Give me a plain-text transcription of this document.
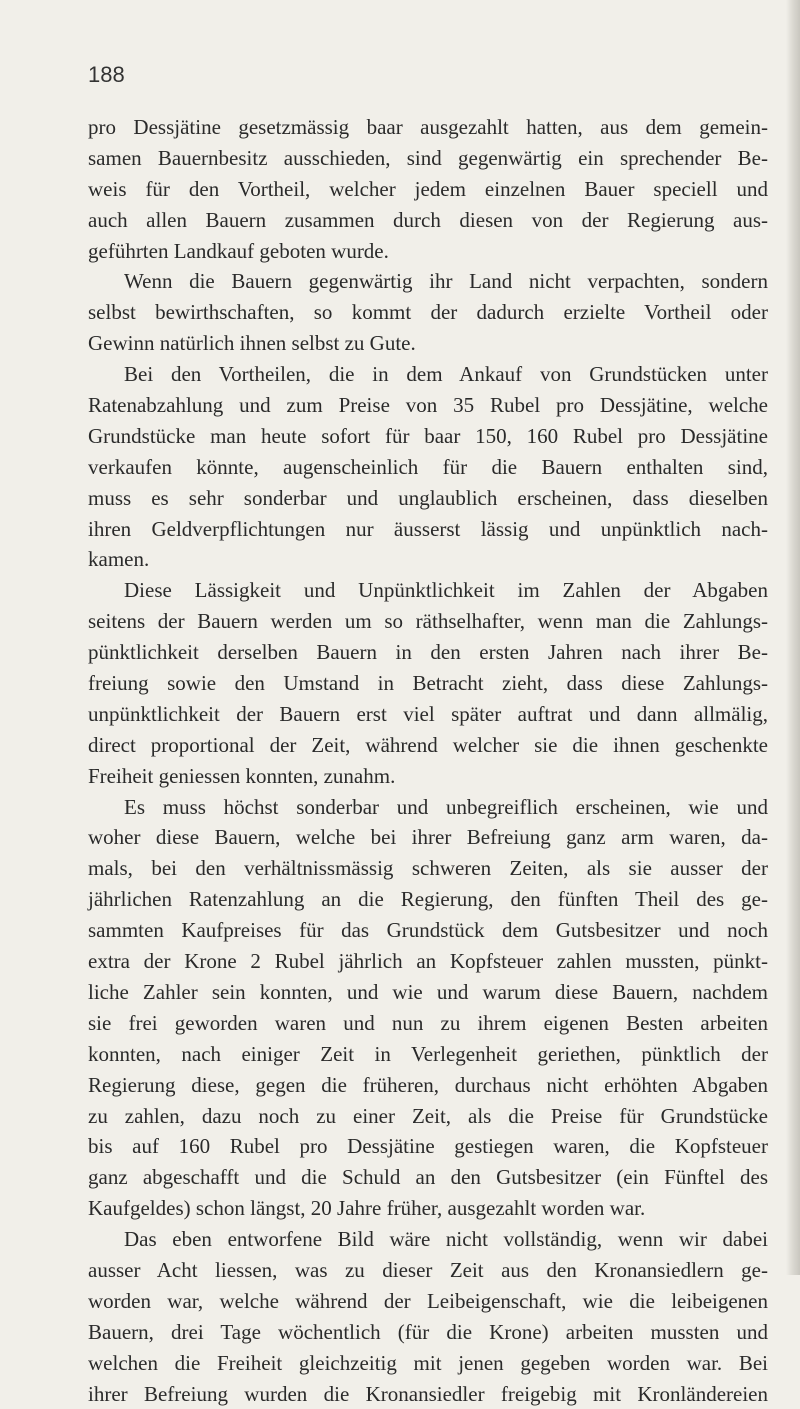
188
pro Dessjätine gesetzmässig baar ausgezahlt hatten, aus dem gemein-
samen Bauernbesitz ausschieden, sind gegenwärtig ein sprechender Be-
weis für den Vortheil, welcher jedem einzelnen Bauer speciell und
auch allen Bauern zusammen durch diesen von der Regierung aus-
geführten Landkauf geboten wurde.
Wenn die Bauern gegenwärtig ihr Land nicht verpachten, sondern
selbst bewirthschaften, so kommt der dadurch erzielte Vortheil oder
Gewinn natürlich ihnen selbst zu Gute.
Bei den Vortheilen, die in dem Ankauf von Grundstücken unter
Ratenabzahlung und zum Preise von 35 Rubel pro Dessjätine, welche
Grundstücke man heute sofort für baar 150, 160 Rubel pro Dessjätine
verkaufen könnte, augenscheinlich für die Bauern enthalten sind,
muss es sehr sonderbar und unglaublich erscheinen, dass dieselben
ihren Geldverpflichtungen nur äusserst lässig und unpünktlich nach-
kamen.
Diese Lässigkeit und Unpünktlichkeit im Zahlen der Abgaben
seitens der Bauern werden um so räthselhafter, wenn man die Zahlungs-
pünktlichkeit derselben Bauern in den ersten Jahren nach ihrer Be-
freiung sowie den Umstand in Betracht zieht, dass diese Zahlungs-
unpünktlichkeit der Bauern erst viel später auftrat und dann allmälig,
direct proportional der Zeit, während welcher sie die ihnen geschenkte
Freiheit geniessen konnten, zunahm.
Es muss höchst sonderbar und unbegreiflich erscheinen, wie und
woher diese Bauern, welche bei ihrer Befreiung ganz arm waren, da-
mals, bei den verhältnissmässig schweren Zeiten, als sie ausser der
jährlichen Ratenzahlung an die Regierung, den fünften Theil des ge-
sammten Kaufpreises für das Grundstück dem Gutsbesitzer und noch
extra der Krone 2 Rubel jährlich an Kopfsteuer zahlen mussten, pünkt-
liche Zahler sein konnten, und wie und warum diese Bauern, nachdem
sie frei geworden waren und nun zu ihrem eigenen Besten arbeiten
konnten, nach einiger Zeit in Verlegenheit geriethen, pünktlich der
Regierung diese, gegen die früheren, durchaus nicht erhöhten Abgaben
zu zahlen, dazu noch zu einer Zeit, als die Preise für Grundstücke
bis auf 160 Rubel pro Dessjätine gestiegen waren, die Kopfsteuer
ganz abgeschafft und die Schuld an den Gutsbesitzer (ein Fünftel des
Kaufgeldes) schon längst, 20 Jahre früher, ausgezahlt worden war.
Das eben entworfene Bild wäre nicht vollständig, wenn wir dabei
ausser Acht liessen, was zu dieser Zeit aus den Kronansiedlern ge-
worden war, welche während der Leibeigenschaft, wie die leibeigenen
Bauern, drei Tage wöchentlich (für die Krone) arbeiten mussten und
welchen die Freiheit gleichzeitig mit jenen gegeben worden war. Bei
ihrer Befreiung wurden die Kronansiedler freigebig mit Kronländereien
